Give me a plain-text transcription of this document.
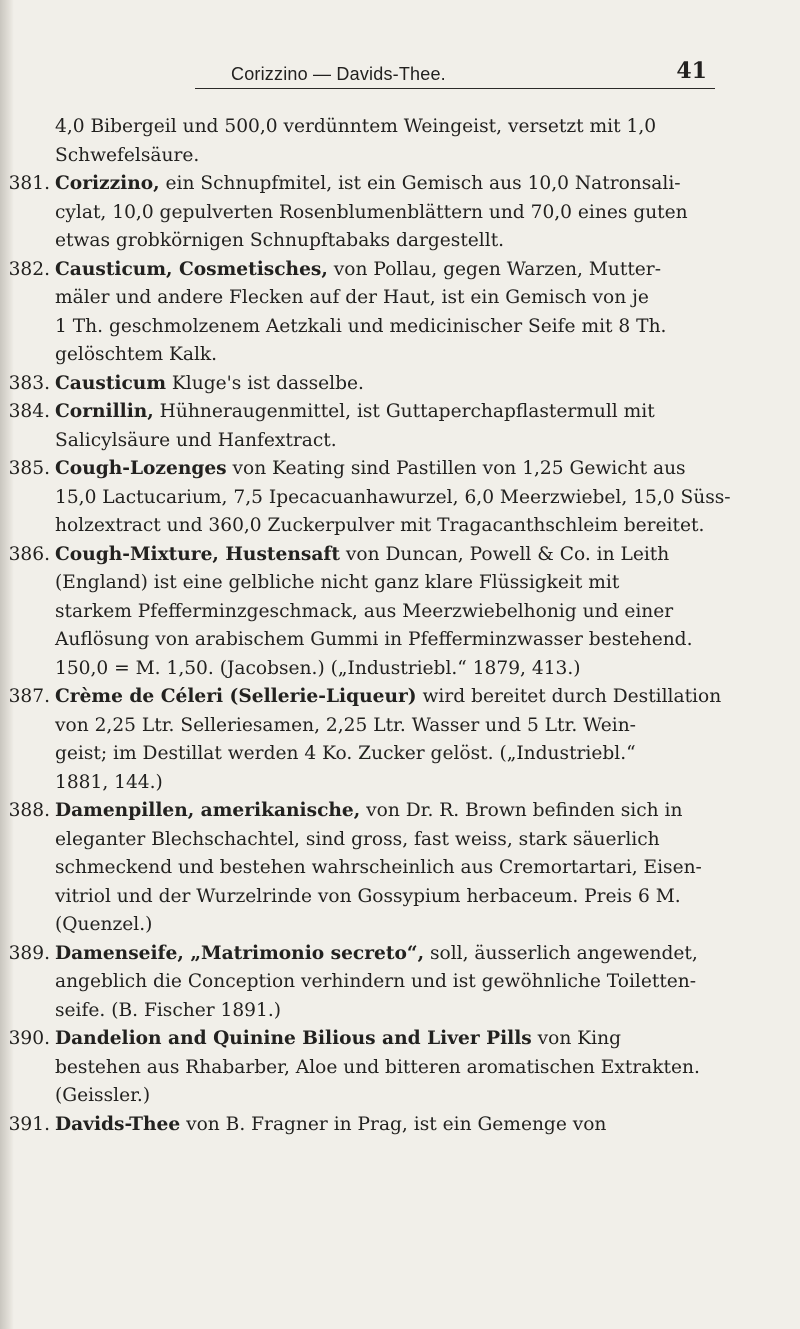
Corizzino — Davids-Thee.	41
4,0 Bibergeil und 500,0 verdünntem Weingeist, versetzt mit 1,0
Schwefelsäure.
381. Corizzino, ein Schnupfmitel, ist ein Gemisch aus 10,0 Natronsali-
cylat, 10,0 gepulverten Rosenblumenblättern und 70,0 eines guten
etwas grobkörnigen Schnupftabaks dargestellt.
382. Causticum, Cosmetisches, von Pollau, gegen Warzen, Mutter-
mäler und andere Flecken auf der Haut, ist ein Gemisch von je
1 Th. geschmolzenem Aetzkali und medicinischer Seife mit 8 Th.
gelöschtem Kalk.
383. Causticum Kluge's ist dasselbe.
384. Cornillin, Hühneraugenmittel, ist Guttaperchapflastermull mit
Salicylsäure und Hanfextract.
385. Cough-Lozenges von Keating sind Pastillen von 1,25 Gewicht aus
15,0 Lactucarium, 7,5 Ipecacuanhawurzel, 6,0 Meerzwiebel, 15,0 Süss-
holzextract und 360,0 Zuckerpulver mit Tragacanthschleim bereitet.
386. Cough-Mixture, Hustensaft von Duncan, Powell & Co. in Leith
(England) ist eine gelbliche nicht ganz klare Flüssigkeit mit
starkem Pfefferminzgeschmack, aus Meerzwiebelhonig und einer
Auflösung von arabischem Gummi in Pfefferminzwasser bestehend.
150,0 = M. 1,50. (Jacobsen.) („Industriebl.“ 1879, 413.)
387. Crème de Céleri (Sellerie-Liqueur) wird bereitet durch Destillation
von 2,25 Ltr. Selleriesamen, 2,25 Ltr. Wasser und 5 Ltr. Wein-
geist; im Destillat werden 4 Ko. Zucker gelöst. („Industriebl.“
1881, 144.)
388. Damenpillen, amerikanische, von Dr. R. Brown befinden sich in
eleganter Blechschachtel, sind gross, fast weiss, stark säuerlich
schmeckend und bestehen wahrscheinlich aus Cremortartari, Eisen-
vitriol und der Wurzelrinde von Gossypium herbaceum. Preis 6 M.
(Quenzel.)
389. Damenseife, „Matrimonio secreto“, soll, äusserlich angewendet,
angeblich die Conception verhindern und ist gewöhnliche Toiletten-
seife. (B. Fischer 1891.)
390. Dandelion and Quinine Bilious and Liver Pills von King
bestehen aus Rhabarber, Aloe und bitteren aromatischen Extrakten.
(Geissler.)
391. Davids-Thee von B. Fragner in Prag, ist ein Gemenge von
